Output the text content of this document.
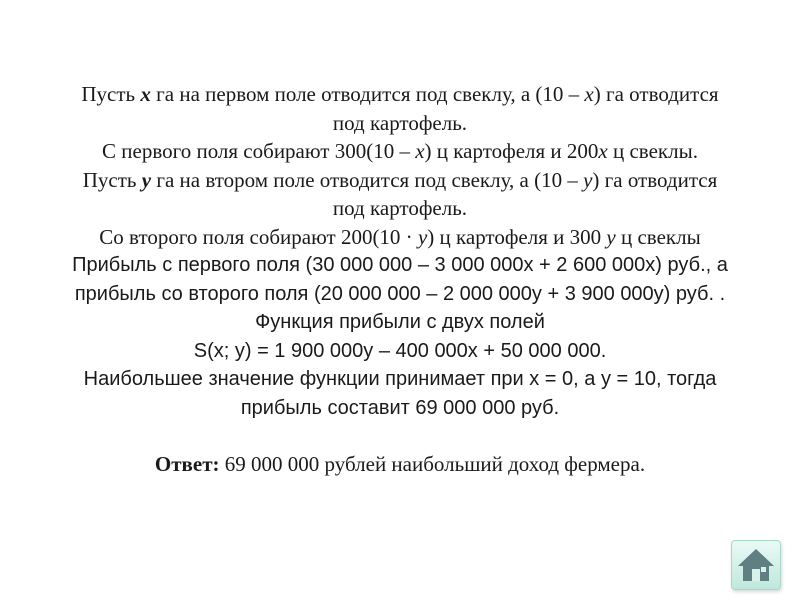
Пусть x га на первом поле отводится под свеклу, а (10 – x) га отводится
под картофель.
С первого поля собирают 300(10 – x) ц картофеля и 200x ц свеклы.
Пусть y га на втором поле отводится под свеклу, а (10 – y) га отводится
под картофель.
Со второго поля собирают 200(10 · y) ц картофеля и 300 y ц свеклы
Прибыль с первого поля (30 000 000 – 3 000 000х + 2 600 000х) руб., а
прибыль со второго поля (20 000 000 – 2 000 000у + 3 900 000у) руб. .
Функция прибыли с двух полей
S(x; y) = 1 900 000y – 400 000x + 50 000 000.
Наибольшее значение функции принимает при x = 0, а у = 10, тогда
прибыль составит 69 000 000 руб.
Ответ: 69 000 000 рублей наибольший доход фермера.
